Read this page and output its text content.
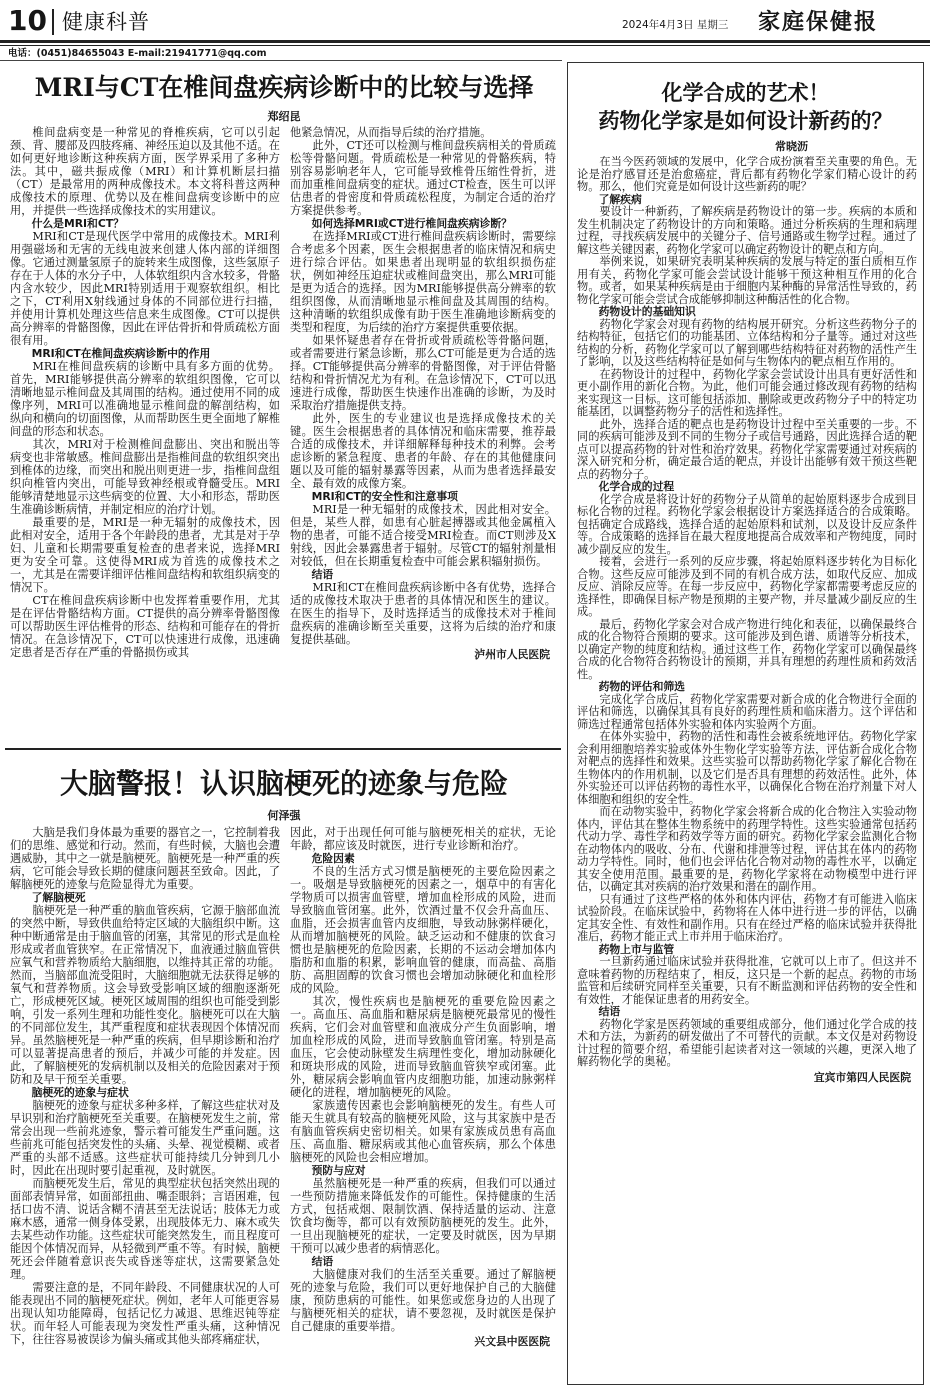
10 健康科普	2024年4月3日 星期三 家庭保健报
电话：(0451)84655043 E-mail:21941771@qq.com
MRI与CT在椎间盘疾病诊断中的比较与选择
郑绍昆

椎间盘病变是一种常见的脊椎疾病，它可以引起颈、背、腰部及四肢疼痛、神经压迫以及其他不适。在如何更好地诊断这种疾病方面，医学界采用了多种方法。其中，磁共振成像（MRI）和计算机断层扫描（CT）是最常用的两种成像技术。本文将科普这两种成像技术的原理、优势以及在椎间盘病变诊断中的应用，并提供一些选择成像技术的实用建议。

什么是MRI和CT？

MRI和CT是现代医学中常用的成像技术。MRI利用强磁场和无害的无线电波来创建人体内部的详细图像。它通过测量氢原子的旋转来生成图像，这些氢原子存在于人体的水分子中，人体软组织内含水较多，骨骼内含水较少，因此MRI特别适用于观察软组织。相比之下，CT利用X射线通过身体的不同部位进行扫描，并使用计算机处理这些信息来生成图像。CT可以提供高分辨率的骨骼图像，因此在评估骨折和骨质疏松方面很有用。

MRI和CT在椎间盘疾病诊断中的作用

MRI在椎间盘疾病的诊断中具有多方面的优势。首先，MRI能够提供高分辨率的软组织图像，它可以清晰地显示椎间盘及其周围的结构。通过使用不同的成像序列，MRI可以准确地显示椎间盘的解剖结构，如纵向和横向的切面图像，从而帮助医生更全面地了解椎间盘的形态和状态。

其次，MRI对于检测椎间盘膨出、突出和脱出等病变也非常敏感。椎间盘膨出是指椎间盘的软组织突出到椎体的边缘，而突出和脱出则更进一步，指椎间盘组织向椎管内突出，可能导致神经根或脊髓受压。MRI能够清楚地显示这些病变的位置、大小和形态，帮助医生准确诊断病情，并制定相应的治疗计划。

最重要的是，MRI是一种无辐射的成像技术，因此相对安全，适用于各个年龄段的患者，尤其是对于孕妇、儿童和长期需要重复检查的患者来说，选择MRI更为安全可靠。这使得MRI成为首选的成像技术之一，尤其是在需要详细评估椎间盘结构和软组织病变的情况下。

CT在椎间盘疾病诊断中也发挥着重要作用，尤其是在评估骨骼结构方面。CT提供的高分辨率骨骼图像可以帮助医生评估椎骨的形态、结构和可能存在的骨折情况。在急诊情况下，CT可以快速进行成像，迅速确定患者是否存在严重的骨骼损伤或其

他紧急情况，从而指导后续的治疗措施。

此外，CT还可以检测与椎间盘疾病相关的骨质疏松等骨骼问题。骨质疏松是一种常见的骨骼疾病，特别容易影响老年人，它可能导致椎骨压缩性骨折，进而加重椎间盘病变的症状。通过CT检查，医生可以评估患者的骨密度和骨质疏松程度，为制定合适的治疗方案提供参考。

如何选择MRI或CT进行椎间盘疾病诊断？

在选择MRI或CT进行椎间盘疾病诊断时，需要综合考虑多个因素，医生会根据患者的临床情况和病史进行综合评估。如果患者出现明显的软组织损伤症状，例如神经压迫症状或椎间盘突出，那么MRI可能是更为适合的选择。因为MRI能够提供高分辨率的软组织图像，从而清晰地显示椎间盘及其周围的结构。这种清晰的软组织成像有助于医生准确地诊断病变的类型和程度，为后续的治疗方案提供重要依据。

如果怀疑患者存在骨折或骨质疏松等骨骼问题，或者需要进行紧急诊断，那么CT可能是更为合适的选择。CT能够提供高分辨率的骨骼图像，对于评估骨骼结构和骨折情况尤为有利。在急诊情况下，CT可以迅速进行成像，帮助医生快速作出准确的诊断，为及时采取治疗措施提供支持。

此外，医生的专业建议也是选择成像技术的关键。医生会根据患者的具体情况和临床需要，推荐最合适的成像技术，并详细解释每种技术的利弊。会考虑诊断的紧急程度、患者的年龄、存在的其他健康问题以及可能的辐射暴露等因素，从而为患者选择最安全、最有效的成像方案。

MRI和CT的安全性和注意事项

MRI是一种无辐射的成像技术，因此相对安全。但是，某些人群，如患有心脏起搏器或其他金属植入物的患者，可能不适合接受MRI检查。而CT则涉及X射线，因此会暴露患者于辐射。尽管CT的辐射剂量相对较低，但在长期重复检查中可能会累积辐射损伤。

结语

MRI和CT在椎间盘疾病诊断中各有优势，选择合适的成像技术取决于患者的具体情况和医生的建议。在医生的指导下，及时选择适当的成像技术对于椎间盘疾病的准确诊断至关重要，这将为后续的治疗和康复提供基础。

泸州市人民医院
大脑警报！认识脑梗死的迹象与危险
何泽强

大脑是我们身体最为重要的器官之一，它控制着我们的思维、感觉和行动。然而，有些时候，大脑也会遭遇威胁，其中之一就是脑梗死。脑梗死是一种严重的疾病，它可能会导致长期的健康问题甚至致命。因此，了解脑梗死的迹象与危险显得尤为重要。

了解脑梗死

脑梗死是一种严重的脑血管疾病，它源于脑部血流的突然中断，导致供血给特定区域的大脑组织中断。这种中断通常是由于脑血管的闭塞，其常见的形式是血栓形成或者血管狭窄。在正常情况下，血液通过脑血管供应氧气和营养物质给大脑细胞，以维持其正常的功能。然而，当脑部血流受阻时，大脑细胞就无法获得足够的氧气和营养物质。这会导致受影响区域的细胞逐渐死亡，形成梗死区域。梗死区域周围的组织也可能受到影响，引发一系列生理和功能性变化。脑梗死可以在大脑的不同部位发生，其严重程度和症状表现因个体情况而异。虽然脑梗死是一种严重的疾病，但早期诊断和治疗可以显著提高患者的预后，并减少可能的并发症。因此，了解脑梗死的发病机制以及相关的危险因素对于预防和及早干预至关重要。

脑梗死的迹象与症状

脑梗死的迹象与症状多种多样，了解这些症状对及早识别和治疗脑梗死至关重要。在脑梗死发生之前，常常会出现一些前兆迹象，警示着可能发生严重问题。这些前兆可能包括突发性的头痛、头晕、视觉模糊、或者严重的头部不适感。这些症状可能持续几分钟到几小时，因此在出现时要引起重视，及时就医。

而脑梗死发生后，常见的典型症状包括突然出现的面部表情异常，如面部扭曲、嘴歪眼斜；言语困难，包括口齿不清、说话含糊不清甚至无法说话；肢体无力或麻木感，通常一侧身体受累，出现肢体无力、麻木或失去某些动作功能。这些症状可能突然发生，而且程度可能因个体情况而异，从轻微到严重不等。有时候，脑梗死还会伴随着意识丧失或昏迷等症状，这需要紧急处理。

需要注意的是，不同年龄段、不同健康状况的人可能表现出不同的脑梗死症状。例如，老年人可能更容易出现认知功能障碍，包括记忆力减退、思维迟钝等症状。而年轻人可能表现为突发性严重头痛，这种情况下，往往容易被误诊为偏头痛或其他头部疼痛症状，

因此，对于出现任何可能与脑梗死相关的症状，无论年龄，都应该及时就医，进行专业诊断和治疗。

危险因素

不良的生活方式习惯是脑梗死的主要危险因素之一。吸烟是导致脑梗死的因素之一，烟草中的有害化学物质可以损害血管壁，增加血栓形成的风险，进而导致脑血管闭塞。此外，饮酒过量不仅会升高血压、血脂，还会损害血管内皮细胞，导致动脉粥样硬化，从而增加脑梗死的风险。缺乏运动和不健康的饮食习惯也是脑梗死的危险因素，长期的不运动会增加体内脂肪和血脂的积累，影响血管的健康，而高盐、高脂肪、高胆固醇的饮食习惯也会增加动脉硬化和血栓形成的风险。

其次，慢性疾病也是脑梗死的重要危险因素之一。高血压、高血脂和糖尿病是脑梗死最常见的慢性疾病，它们会对血管壁和血液成分产生负面影响，增加血栓形成的风险，进而导致脑血管闭塞。特别是高血压，它会使动脉壁发生病理性变化，增加动脉硬化和斑块形成的风险，进而导致脑血管狭窄或闭塞。此外，糖尿病会影响血管内皮细胞功能，加速动脉粥样硬化的进程，增加脑梗死的风险。

家族遗传因素也会影响脑梗死的发生。有些人可能天生就具有较高的脑梗死风险，这与其家族中是否有脑血管疾病史密切相关。如果有家族成员患有高血压、高血脂、糖尿病或其他心血管疾病，那么个体患脑梗死的风险也会相应增加。

预防与应对

虽然脑梗死是一种严重的疾病，但我们可以通过一些预防措施来降低发作的可能性。保持健康的生活方式，包括戒烟、限制饮酒、保持适量的运动、注意饮食均衡等，都可以有效预防脑梗死的发生。此外，一旦出现脑梗死的症状，一定要及时就医，因为早期干预可以减少患者的病情恶化。

结语

大脑健康对我们的生活至关重要。通过了解脑梗死的迹象与危险，我们可以更好地保护自己的大脑健康，预防患病的可能性。如果您或您身边的人出现了与脑梗死相关的症状，请不要忽视，及时就医是保护自己健康的重要举措。

兴文县中医医院
化学合成的艺术！
药物化学家是如何设计新药的？
常晓沥

在当今医药领域的发展中，化学合成扮演着至关重要的角色。无论是治疗感冒还是治愈癌症，背后都有药物化学家们精心设计的药物。那么，他们究竟是如何设计这些新药的呢？

了解疾病

要设计一种新药，了解疾病是药物设计的第一步。疾病的本质和发生机制决定了药物设计的方向和策略。通过分析疾病的生理和病理过程，寻找疾病发展中的关键分子、信号通路或生物学过程。通过了解这些关键因素，药物化学家可以确定药物设计的靶点和方向。

举例来说，如果研究表明某种疾病的发展与特定的蛋白质相互作用有关，药物化学家可能会尝试设计能够干预这种相互作用的化合物。或者，如果某种疾病是由于细胞内某种酶的异常活性导致的，药物化学家可能会尝试合成能够抑制这种酶活性的化合物。

药物设计的基础知识

药物化学家会对现有药物的结构展开研究。分析这些药物分子的结构特征，包括它们的功能基团、立体结构和分子量等。通过对这些结构的分析，药物化学家可以了解到哪些结构特征对药物的活性产生了影响，以及这些结构特征是如何与生物体内的靶点相互作用的。

在药物设计的过程中，药物化学家会尝试设计出具有更好活性和更小副作用的新化合物。为此，他们可能会通过修改现有药物的结构来实现这一目标。这可能包括添加、删除或更改药物分子中的特定功能基团，以调整药物分子的活性和选择性。

此外，选择合适的靶点也是药物设计过程中至关重要的一步。不同的疾病可能涉及到不同的生物分子或信号通路，因此选择合适的靶点可以提高药物的针对性和治疗效果。药物化学家需要通过对疾病的深入研究和分析，确定最合适的靶点，并设计出能够有效干预这些靶点的药物分子。

化学合成的过程

化学合成是将设计好的药物分子从简单的起始原料逐步合成到目标化合物的过程。药物化学家会根据设计方案选择适合的合成策略。包括确定合成路线，选择合适的起始原料和试剂，以及设计反应条件等。合成策略的选择旨在最大程度地提高合成效率和产物纯度，同时减少副反应的发生。

接着，会进行一系列的反应步骤，将起始原料逐步转化为目标化合物。这些反应可能涉及到不同的有机合成方法，如取代反应、加成反应、消除反应等。在每一步反应中，药物化学家都需要考虑反应的选择性，即确保目标产物是预期的主要产物，并尽量减少副反应的生成。

最后，药物化学家会对合成产物进行纯化和表征，以确保最终合成的化合物符合预期的要求。这可能涉及到色谱、质谱等分析技术，以确定产物的纯度和结构。通过这些工作，药物化学家可以确保最终合成的化合物符合药物设计的预期，并具有理想的药理性质和药效活性。

药物的评估和筛选

完成化学合成后，药物化学家需要对新合成的化合物进行全面的评估和筛选，以确保其具有良好的药理性质和临床潜力。这个评估和筛选过程通常包括体外实验和体内实验两个方面。

在体外实验中，药物的活性和毒性会被系统地评估。药物化学家会利用细胞培养实验或体外生物化学实验等方法，评估新合成化合物对靶点的选择性和效果。这些实验可以帮助药物化学家了解化合物在生物体内的作用机制，以及它们是否具有理想的药效活性。此外，体外实验还可以评估药物的毒性水平，以确保化合物在治疗剂量下对人体细胞和组织的安全性。

而在动物实验中，药物化学家会将新合成的化合物注入实验动物体内，评估其在整体生物系统中的药理学特性。这些实验通常包括药代动力学、毒性学和药效学等方面的研究。药物化学家会监测化合物在动物体内的吸收、分布、代谢和排泄等过程，评估其在体内的药物动力学特性。同时，他们也会评估化合物对动物的毒性水平，以确定其安全使用范围。最重要的是，药物化学家将在动物模型中进行评估，以确定其对疾病的治疗效果和潜在的副作用。

只有通过了这些严格的体外和体内评估，药物才有可能进入临床试验阶段。在临床试验中，药物将在人体中进行进一步的评估，以确定其安全性、有效性和副作用。只有在经过严格的临床试验并获得批准后，药物才能正式上市并用于临床治疗。

药物上市与监管

一旦新药通过临床试验并获得批准，它就可以上市了。但这并不意味着药物的历程结束了，相反，这只是一个新的起点。药物的市场监管和后续研究同样至关重要，只有不断监测和评估药物的安全性和有效性，才能保证患者的用药安全。

结语

药物化学家是医药领域的重要组成部分，他们通过化学合成的技术和方法，为新药的研发做出了不可替代的贡献。本文仅是对药物设计过程的简要介绍，希望能引起读者对这一领域的兴趣，更深入地了解药物化学的奥秘。

宜宾市第四人民医院
